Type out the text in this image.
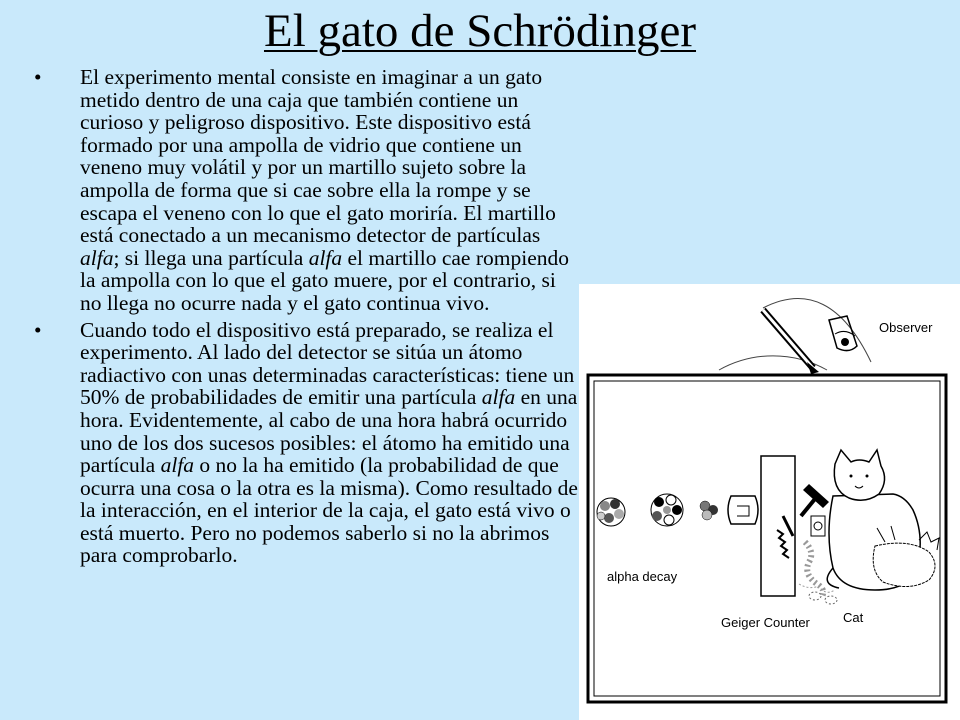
El gato de Schrödinger
• El experimento mental consiste en imaginar a un gato metido dentro de una caja que también contiene un curioso y peligroso dispositivo. Este dispositivo está formado por una ampolla de vidrio que contiene un veneno muy volátil y por un martillo sujeto sobre la ampolla de forma que si cae sobre ella la rompe y se escapa el veneno con lo que el gato moriría. El martillo está conectado a un mecanismo detector de partículas alfa; si llega una partícula alfa el martillo cae rompiendo la ampolla con lo que el gato muere, por el contrario, si no llega no ocurre nada y el gato continua vivo.
• Cuando todo el dispositivo está preparado, se realiza el experimento. Al lado del detector se sitúa un átomo radiactivo con unas determinadas características: tiene un 50% de probabilidades de emitir una partícula alfa en una hora. Evidentemente, al cabo de una hora habrá ocurrido uno de los dos sucesos posibles: el átomo ha emitido una partícula alfa o no la ha emitido (la probabilidad de que ocurra una cosa o la otra es la misma). Como resultado de la interacción, en el interior de la caja, el gato está vivo o está muerto. Pero no podemos saberlo si no la abrimos para comprobarlo.
Observer
alpha decay
Geiger Counter	Cat
